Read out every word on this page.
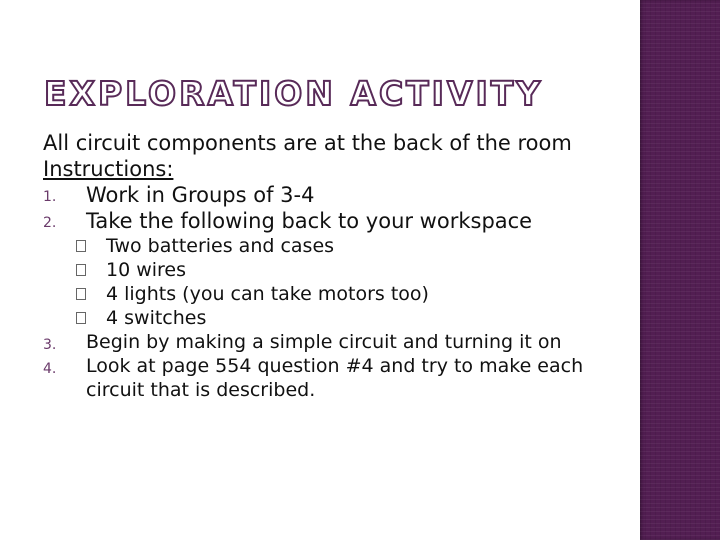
EXPLORATION ACTIVITY

All circuit components are at the back of the room

Instructions:

1. Work in Groups of 3-4
2. Take the following back to your workspace
Two batteries and cases
10 wires
4 lights (you can take motors too)
4 switches
3. Begin by making a simple circuit and turning it on
4. Look at page 554 question #4 and try to make each circuit that is described.
